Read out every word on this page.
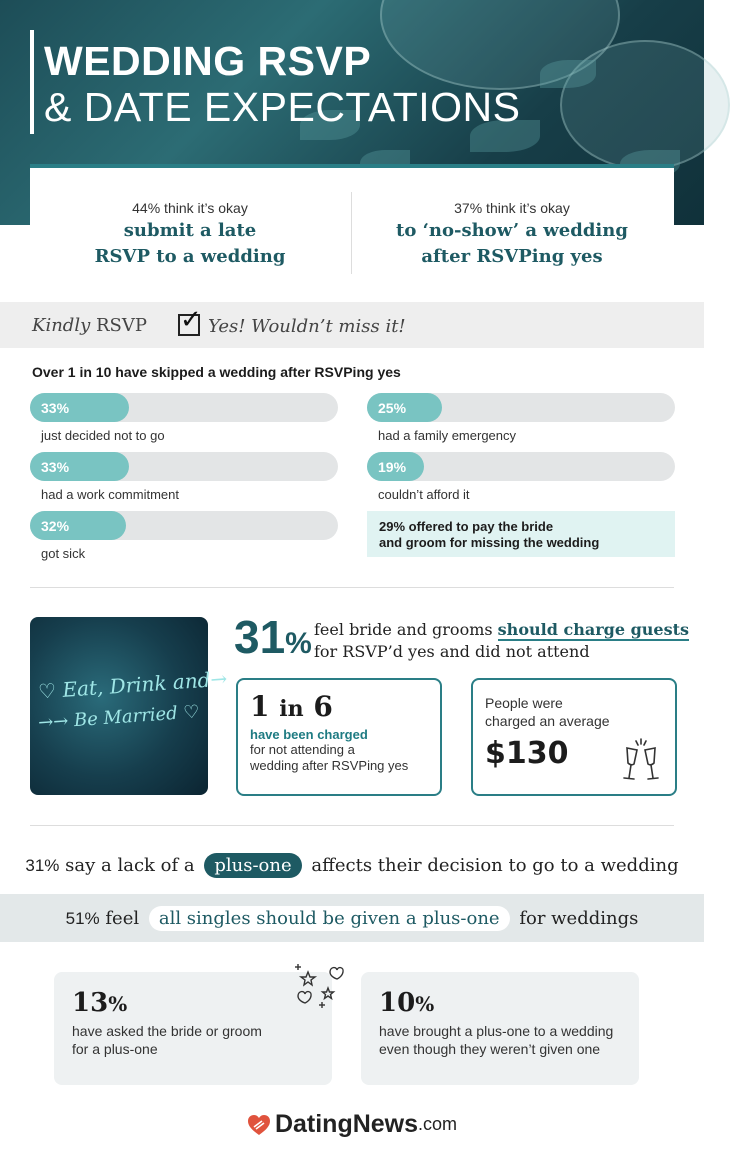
WEDDING RSVP
& DATE EXPECTATIONS
44% think it’s okay
submit a late
RSVP to a wedding
37% think it’s okay
to ‘no-show’ a wedding
after RSVPing yes
Kindly RSVP ✓ Yes! Wouldn’t miss it!
Over 1 in 10 have skipped a wedding after RSVPing yes
33%
just decided not to go
33%
had a work commitment
32%
got sick
25%
had a family emergency
19%
couldn’t afford it
29% offered to pay the bride
and groom for missing the wedding
♡ Eat, Drink and→
→→ Be Married ♡
31% feel bride and grooms should charge guests
for RSVP’d yes and did not attend
1 in 6
have been charged
for not attending a
wedding after RSVPing yes
People were
charged an average
$130
31% say a lack of a plus-one affects their decision to go to a wedding
51% feel all singles should be given a plus-one for weddings
13%
have asked the bride or groom
for a plus-one
10%
have brought a plus-one to a wedding
even though they weren’t given one
DatingNews.com
